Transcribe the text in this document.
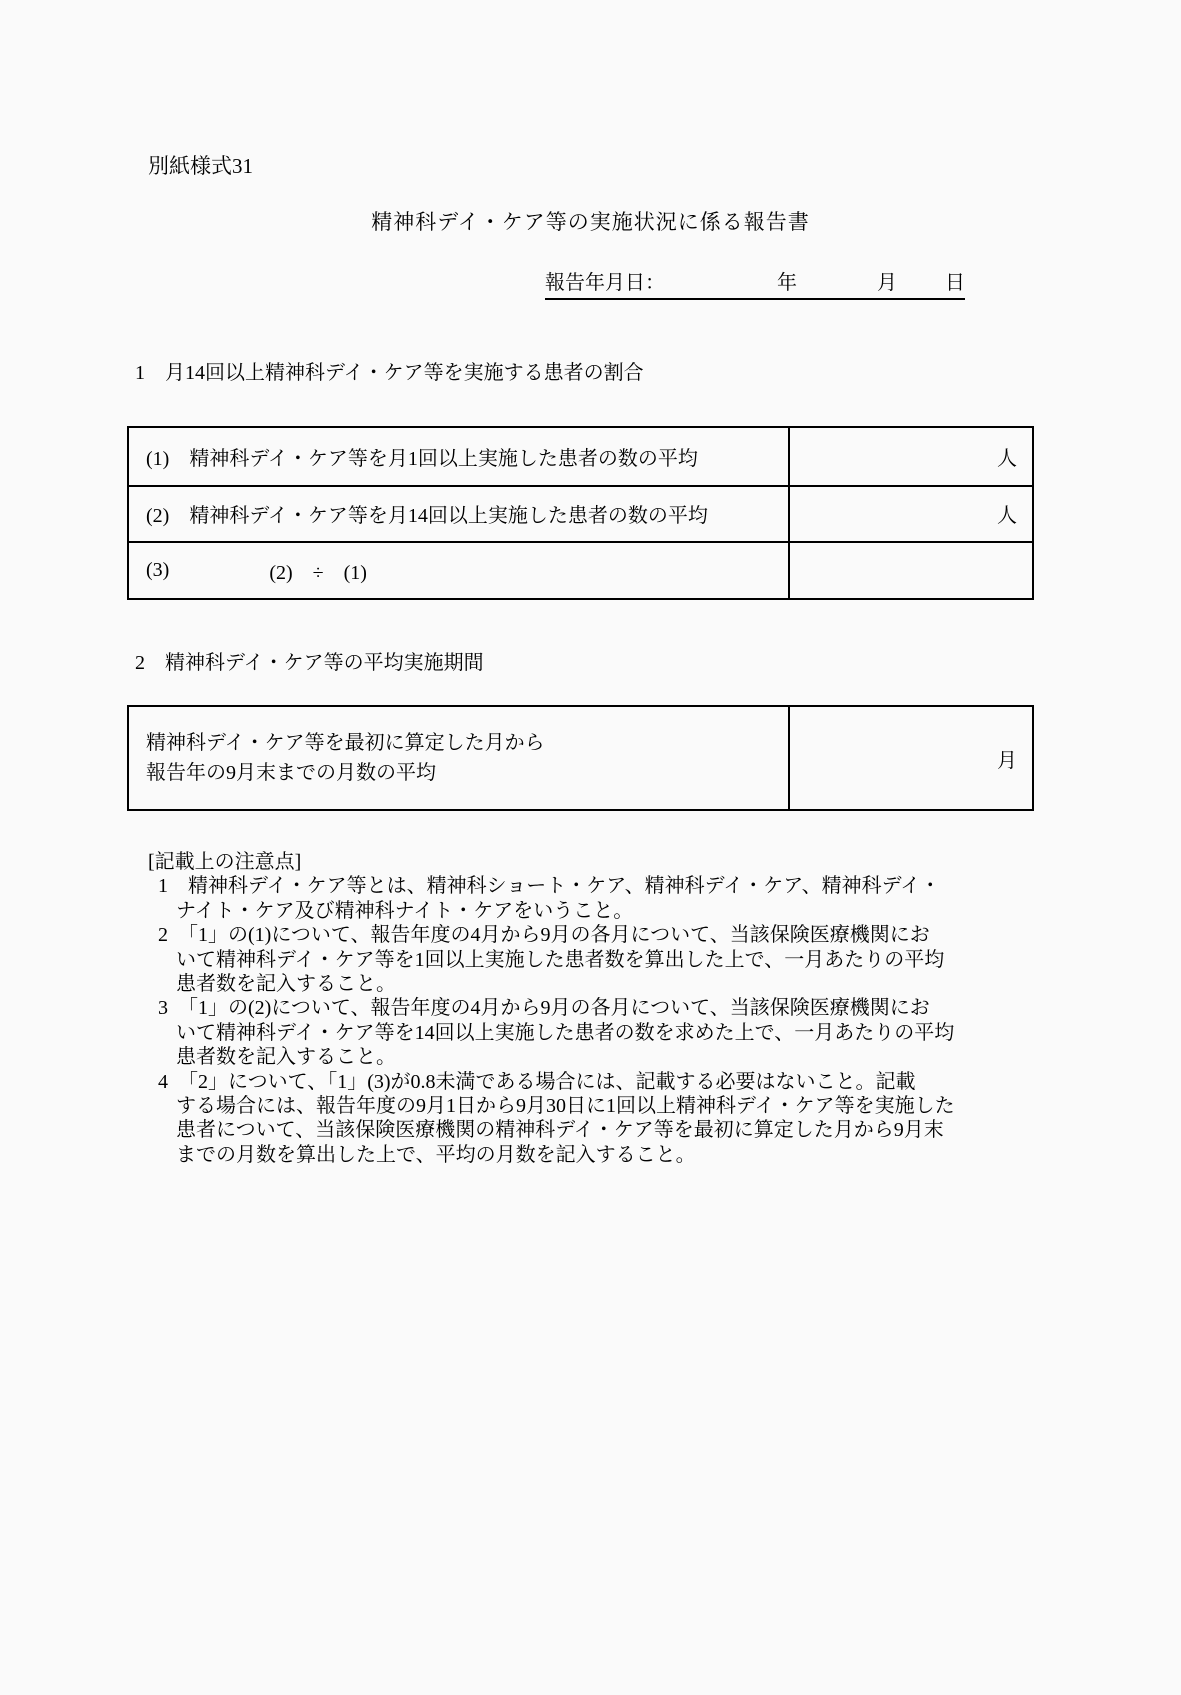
別紙様式31
精神科デイ・ケア等の実施状況に係る報告書
報告年月日：	年	月 日
1　月14回以上精神科デイ・ケア等を実施する患者の割合
(1)　精神科デイ・ケア等を月1回以上実施した患者の数の平均	人
(2)　精神科デイ・ケア等を月14回以上実施した患者の数の平均	人
(3)	(2)　÷　(1)
2　精神科デイ・ケア等の平均実施期間
精神科デイ・ケア等を最初に算定した月から
報告年の9月末までの月数の平均
月
[記載上の注意点]
1　精神科デイ・ケア等とは、精神科ショート・ケア、精神科デイ・ケア、精神科デイ・
ナイト・ケア及び精神科ナイト・ケアをいうこと。
2　「1」の(1)について、報告年度の4月から9月の各月について、当該保険医療機関にお
いて精神科デイ・ケア等を1回以上実施した患者数を算出した上で、一月あたりの平均
患者数を記入すること。
3　「1」の(2)について、報告年度の4月から9月の各月について、当該保険医療機関にお
いて精神科デイ・ケア等を14回以上実施した患者の数を求めた上で、一月あたりの平均
患者数を記入すること。
4　「2」について、「1」(3)が0.8未満である場合には、記載する必要はないこと。記載
する場合には、報告年度の9月1日から9月30日に1回以上精神科デイ・ケア等を実施した
患者について、当該保険医療機関の精神科デイ・ケア等を最初に算定した月から9月末
までの月数を算出した上で、平均の月数を記入すること。
